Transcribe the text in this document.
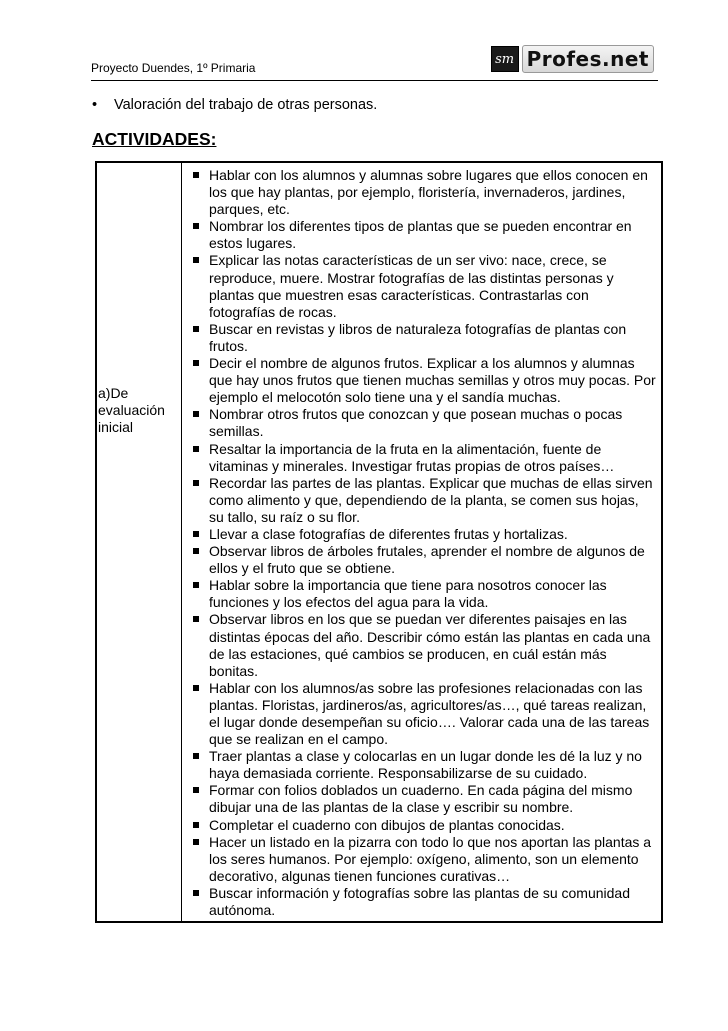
Proyecto Duendes, 1º Primaria
sm Profes.net
• Valoración del trabajo de otras personas.
ACTIVIDADES:
a)De
evaluación
inicial
Hablar con los alumnos y alumnas sobre lugares que ellos conocen en los que hay plantas, por ejemplo, floristería, invernaderos, jardines, parques, etc.
Nombrar los diferentes tipos de plantas que se pueden encontrar en estos lugares.
Explicar las notas características de un ser vivo: nace, crece, se reproduce, muere. Mostrar fotografías de las distintas personas y plantas que muestren esas características. Contrastarlas con fotografías de rocas.
Buscar en revistas y libros de naturaleza fotografías de plantas con frutos.
Decir el nombre de algunos frutos. Explicar a los alumnos y alumnas que hay unos frutos que tienen muchas semillas y otros muy pocas. Por ejemplo el melocotón solo tiene una y el sandía muchas.
Nombrar otros frutos que conozcan y que posean muchas o pocas semillas.
Resaltar la importancia de la fruta en la alimentación, fuente de vitaminas y minerales. Investigar frutas propias de otros países…
Recordar las partes de las plantas. Explicar que muchas de ellas sirven como alimento y que, dependiendo de la planta, se comen sus hojas, su tallo, su raíz o su flor.
Llevar a clase fotografías de diferentes frutas y hortalizas.
Observar libros de árboles frutales, aprender el nombre de algunos de ellos y el fruto que se obtiene.
Hablar sobre la importancia que tiene para nosotros conocer las funciones y los efectos del agua para la vida.
Observar libros en los que se puedan ver diferentes paisajes en las distintas épocas del año. Describir cómo están las plantas en cada una de las estaciones, qué cambios se producen, en cuál están más bonitas.
Hablar con los alumnos/as sobre las profesiones relacionadas con las plantas. Floristas, jardineros/as, agricultores/as…, qué tareas realizan, el lugar donde desempeñan su oficio…. Valorar cada una de las tareas que se realizan en el campo.
Traer plantas a clase y colocarlas en un lugar donde les dé la luz y no haya demasiada corriente. Responsabilizarse de su cuidado.
Formar con folios doblados un cuaderno. En cada página del mismo dibujar una de las plantas de la clase y escribir su nombre.
Completar el cuaderno con dibujos de plantas conocidas.
Hacer un listado en la pizarra con todo lo que nos aportan las plantas a los seres humanos. Por ejemplo: oxígeno, alimento, son un elemento decorativo, algunas tienen funciones curativas…
Buscar información y fotografías sobre las plantas de su comunidad autónoma.
